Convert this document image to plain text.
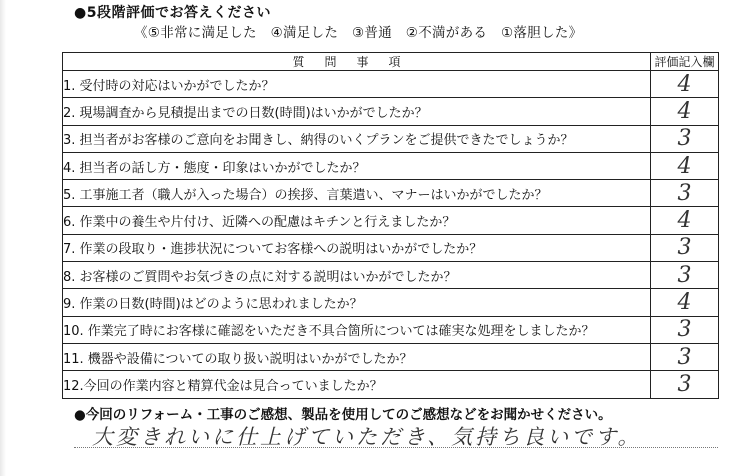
●5段階評価でお答えください
《⑤非常に満足した　④満足した　③普通　②不満がある　①落胆した》
質問事項	評価記入欄
1. 受付時の対応はいかがでしたか？	4
2. 現場調査から見積提出までの日数(時間)はいかがでしたか？	4
3. 担当者がお客様のご意向をお聞きし、納得のいくプランをご提供できたでしょうか？	3
4. 担当者の話し方・態度・印象はいかがでしたか？	4
5. 工事施工者（職人が入った場合）の挨拶、言葉遣い、マナーはいかがでしたか？	3
6. 作業中の養生や片付け、近隣への配慮はキチンと行えましたか？	4
7. 作業の段取り・進捗状況についてお客様への説明はいかがでしたか？	3
8. お客様のご質問やお気づきの点に対する説明はいかがでしたか？	3
9. 作業の日数(時間)はどのように思われましたか？	4
10. 作業完了時にお客様に確認をいただき不具合箇所については確実な処理をしましたか？	3
11. 機器や設備についての取り扱い説明はいかがでしたか？	3
12.今回の作業内容と精算代金は見合っていましたか？	3
●今回のリフォーム・工事のご感想、製品を使用してのご感想などをお聞かせください。
大変きれいに仕上げていただき、気持ち良いです。
